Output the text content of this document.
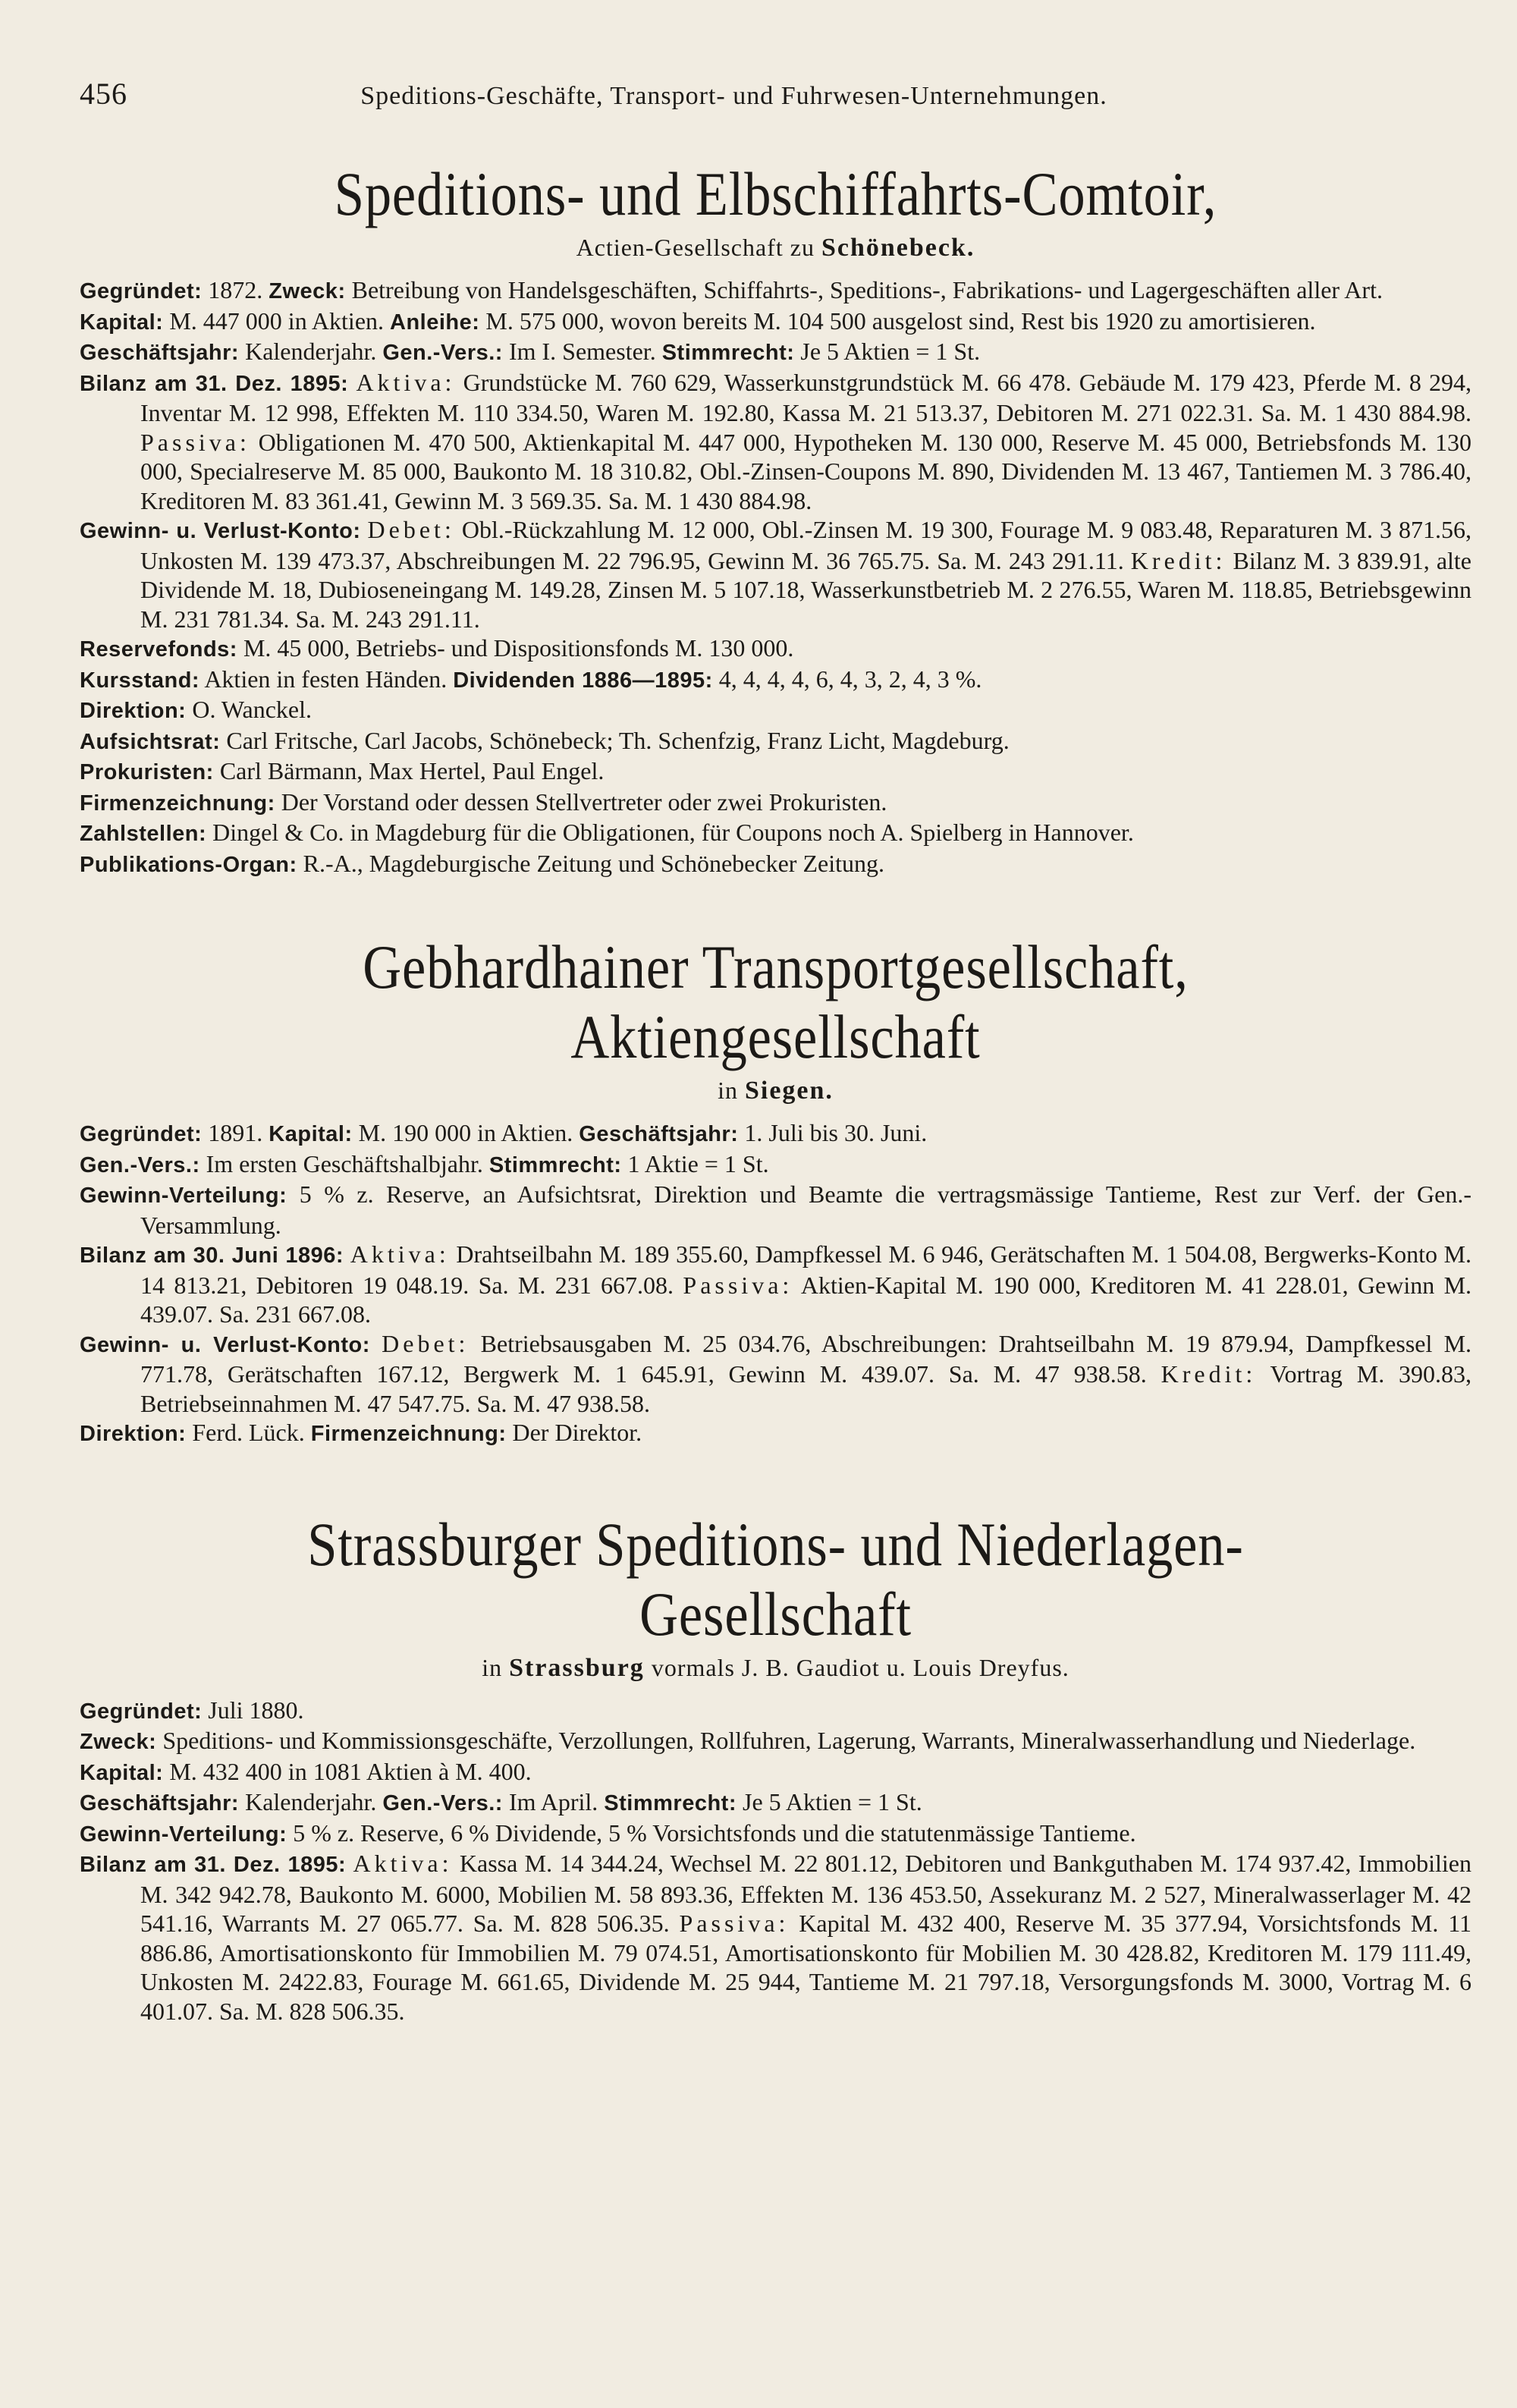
456	Speditions-Geschäfte, Transport- und Fuhrwesen-Unternehmungen.
Speditions- und Elbschiffahrts-Comtoir,
Actien-Gesellschaft zu Schönebeck.
Gegründet: 1872. Zweck: Betreibung von Handelsgeschäften, Schiffahrts-, Speditions-, Fabrikations- und Lagergeschäften aller Art.
Kapital: M. 447 000 in Aktien. Anleihe: M. 575 000, wovon bereits M. 104 500 ausgelost sind, Rest bis 1920 zu amortisieren.
Geschäftsjahr: Kalenderjahr. Gen.-Vers.: Im I. Semester. Stimmrecht: Je 5 Aktien = 1 St.
Bilanz am 31. Dez. 1895: Aktiva: Grundstücke M. 760 629, Wasserkunstgrundstück M. 66 478. Gebäude M. 179 423, Pferde M. 8 294, Inventar M. 12 998, Effekten M. 110 334.50, Waren M. 192.80, Kassa M. 21 513.37, Debitoren M. 271 022.31. Sa. M. 1 430 884.98. Passiva: Obligationen M. 470 500, Aktienkapital M. 447 000, Hypotheken M. 130 000, Reserve M. 45 000, Betriebsfonds M. 130 000, Specialreserve M. 85 000, Baukonto M. 18 310.82, Obl.-Zinsen-Coupons M. 890, Dividenden M. 13 467, Tantiemen M. 3 786.40, Kreditoren M. 83 361.41, Gewinn M. 3 569.35. Sa. M. 1 430 884.98.
Gewinn- u. Verlust-Konto: Debet: Obl.-Rückzahlung M. 12 000, Obl.-Zinsen M. 19 300, Fourage M. 9 083.48, Reparaturen M. 3 871.56, Unkosten M. 139 473.37, Abschreibungen M. 22 796.95, Gewinn M. 36 765.75. Sa. M. 243 291.11. Kredit: Bilanz M. 3 839.91, alte Dividende M. 18, Dubioseneingang M. 149.28, Zinsen M. 5 107.18, Wasserkunstbetrieb M. 2 276.55, Waren M. 118.85, Betriebsgewinn M. 231 781.34. Sa. M. 243 291.11.
Reservefonds: M. 45 000, Betriebs- und Dispositionsfonds M. 130 000.
Kursstand: Aktien in festen Händen. Dividenden 1886—1895: 4, 4, 4, 4, 6, 4, 3, 2, 4, 3 %.
Direktion: O. Wanckel.
Aufsichtsrat: Carl Fritsche, Carl Jacobs, Schönebeck; Th. Schenfzig, Franz Licht, Magdeburg.
Prokuristen: Carl Bärmann, Max Hertel, Paul Engel.
Firmenzeichnung: Der Vorstand oder dessen Stellvertreter oder zwei Prokuristen.
Zahlstellen: Dingel & Co. in Magdeburg für die Obligationen, für Coupons noch A. Spielberg in Hannover.
Publikations-Organ: R.-A., Magdeburgische Zeitung und Schönebecker Zeitung.
Gebhardhainer Transportgesellschaft, Aktiengesellschaft
in Siegen.
Gegründet: 1891. Kapital: M. 190 000 in Aktien. Geschäftsjahr: 1. Juli bis 30. Juni.
Gen.-Vers.: Im ersten Geschäftshalbjahr. Stimmrecht: 1 Aktie = 1 St.
Gewinn-Verteilung: 5 % z. Reserve, an Aufsichtsrat, Direktion und Beamte die vertragsmässige Tantieme, Rest zur Verf. der Gen.-Versammlung.
Bilanz am 30. Juni 1896: Aktiva: Drahtseilbahn M. 189 355.60, Dampfkessel M. 6 946, Gerätschaften M. 1 504.08, Bergwerks-Konto M. 14 813.21, Debitoren 19 048.19. Sa. M. 231 667.08. Passiva: Aktien-Kapital M. 190 000, Kreditoren M. 41 228.01, Gewinn M. 439.07. Sa. 231 667.08.
Gewinn- u. Verlust-Konto: Debet: Betriebsausgaben M. 25 034.76, Abschreibungen: Drahtseilbahn M. 19 879.94, Dampfkessel M. 771.78, Gerätschaften 167.12, Bergwerk M. 1 645.91, Gewinn M. 439.07. Sa. M. 47 938.58. Kredit: Vortrag M. 390.83, Betriebseinnahmen M. 47 547.75. Sa. M. 47 938.58.
Direktion: Ferd. Lück. Firmenzeichnung: Der Direktor.
Strassburger Speditions- und Niederlagen-Gesellschaft
in Strassburg vormals J. B. Gaudiot u. Louis Dreyfus.
Gegründet: Juli 1880.
Zweck: Speditions- und Kommissionsgeschäfte, Verzollungen, Rollfuhren, Lagerung, Warrants, Mineralwasserhandlung und Niederlage.
Kapital: M. 432 400 in 1081 Aktien à M. 400.
Geschäftsjahr: Kalenderjahr. Gen.-Vers.: Im April. Stimmrecht: Je 5 Aktien = 1 St.
Gewinn-Verteilung: 5 % z. Reserve, 6 % Dividende, 5 % Vorsichtsfonds und die statutenmässige Tantieme.
Bilanz am 31. Dez. 1895: Aktiva: Kassa M. 14 344.24, Wechsel M. 22 801.12, Debitoren und Bankguthaben M. 174 937.42, Immobilien M. 342 942.78, Baukonto M. 6000, Mobilien M. 58 893.36, Effekten M. 136 453.50, Assekuranz M. 2 527, Mineralwasserlager M. 42 541.16, Warrants M. 27 065.77. Sa. M. 828 506.35. Passiva: Kapital M. 432 400, Reserve M. 35 377.94, Vorsichtsfonds M. 11 886.86, Amortisationskonto für Immobilien M. 79 074.51, Amortisationskonto für Mobilien M. 30 428.82, Kreditoren M. 179 111.49, Unkosten M. 2422.83, Fourage M. 661.65, Dividende M. 25 944, Tantieme M. 21 797.18, Versorgungsfonds M. 3000, Vortrag M. 6 401.07. Sa. M. 828 506.35.
